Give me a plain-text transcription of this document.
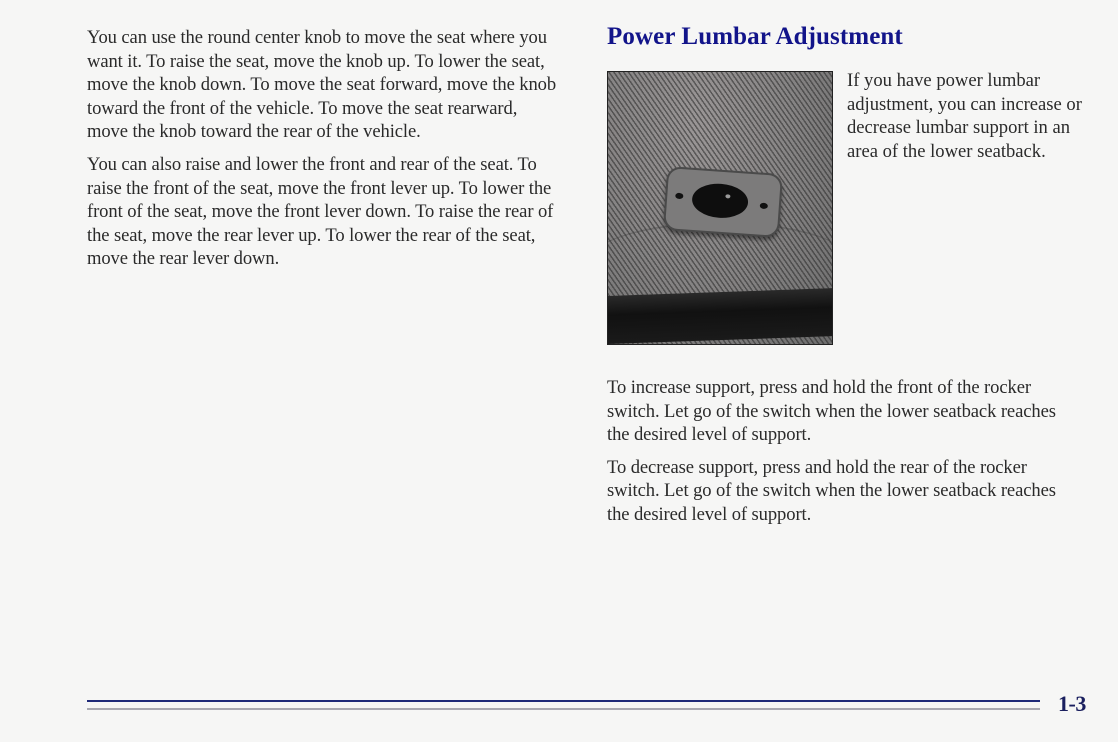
You can use the round center knob to move the seat where you want it. To raise the seat, move the knob up. To lower the seat, move the knob down. To move the seat forward, move the knob toward the front of the vehicle. To move the seat rearward, move the knob toward the rear of the vehicle.

You can also raise and lower the front and rear of the seat. To raise the front of the seat, move the front lever up. To lower the front of the seat, move the front lever down. To raise the rear of the seat, move the rear lever up. To lower the rear of the seat, move the rear lever down.

Power Lumbar Adjustment

If you have power lumbar adjustment, you can increase or decrease lumbar support in an area of the lower seatback.

To increase support, press and hold the front of the rocker switch. Let go of the switch when the lower seatback reaches the desired level of support.

To decrease support, press and hold the rear of the rocker switch. Let go of the switch when the lower seatback reaches the desired level of support.

1-3
